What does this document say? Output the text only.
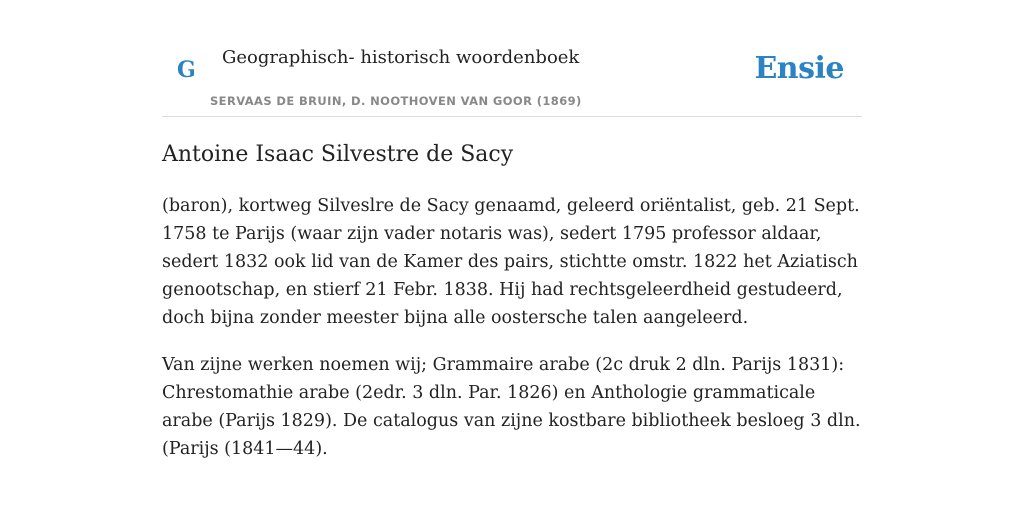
G Geographisch- historisch woordenboek
SERVAAS DE BRUIN, D. NOOTHOVEN VAN GOOR (1869)
Ensie
Antoine Isaac Silvestre de Sacy

(baron), kortweg Silveslre de Sacy genaamd, geleerd oriëntalist, geb. 21 Sept. 1758 te Parijs (waar zijn vader notaris was), sedert 1795 professor aldaar, sedert 1832 ook lid van de Kamer des pairs, stichtte omstr. 1822 het Aziatisch genootschap, en stierf 21 Febr. 1838. Hij had rechtsgeleerdheid gestudeerd, doch bijna zonder meester bijna alle oostersche talen aangeleerd.

Van zijne werken noemen wij; Grammaire arabe (2c druk 2 dln. Parijs 1831): Chrestomathie arabe (2edr. 3 dln. Par. 1826) en Anthologie grammaticale arabe (Parijs 1829). De catalogus van zijne kostbare bibliotheek besloeg 3 dln. (Parijs (1841—44).
